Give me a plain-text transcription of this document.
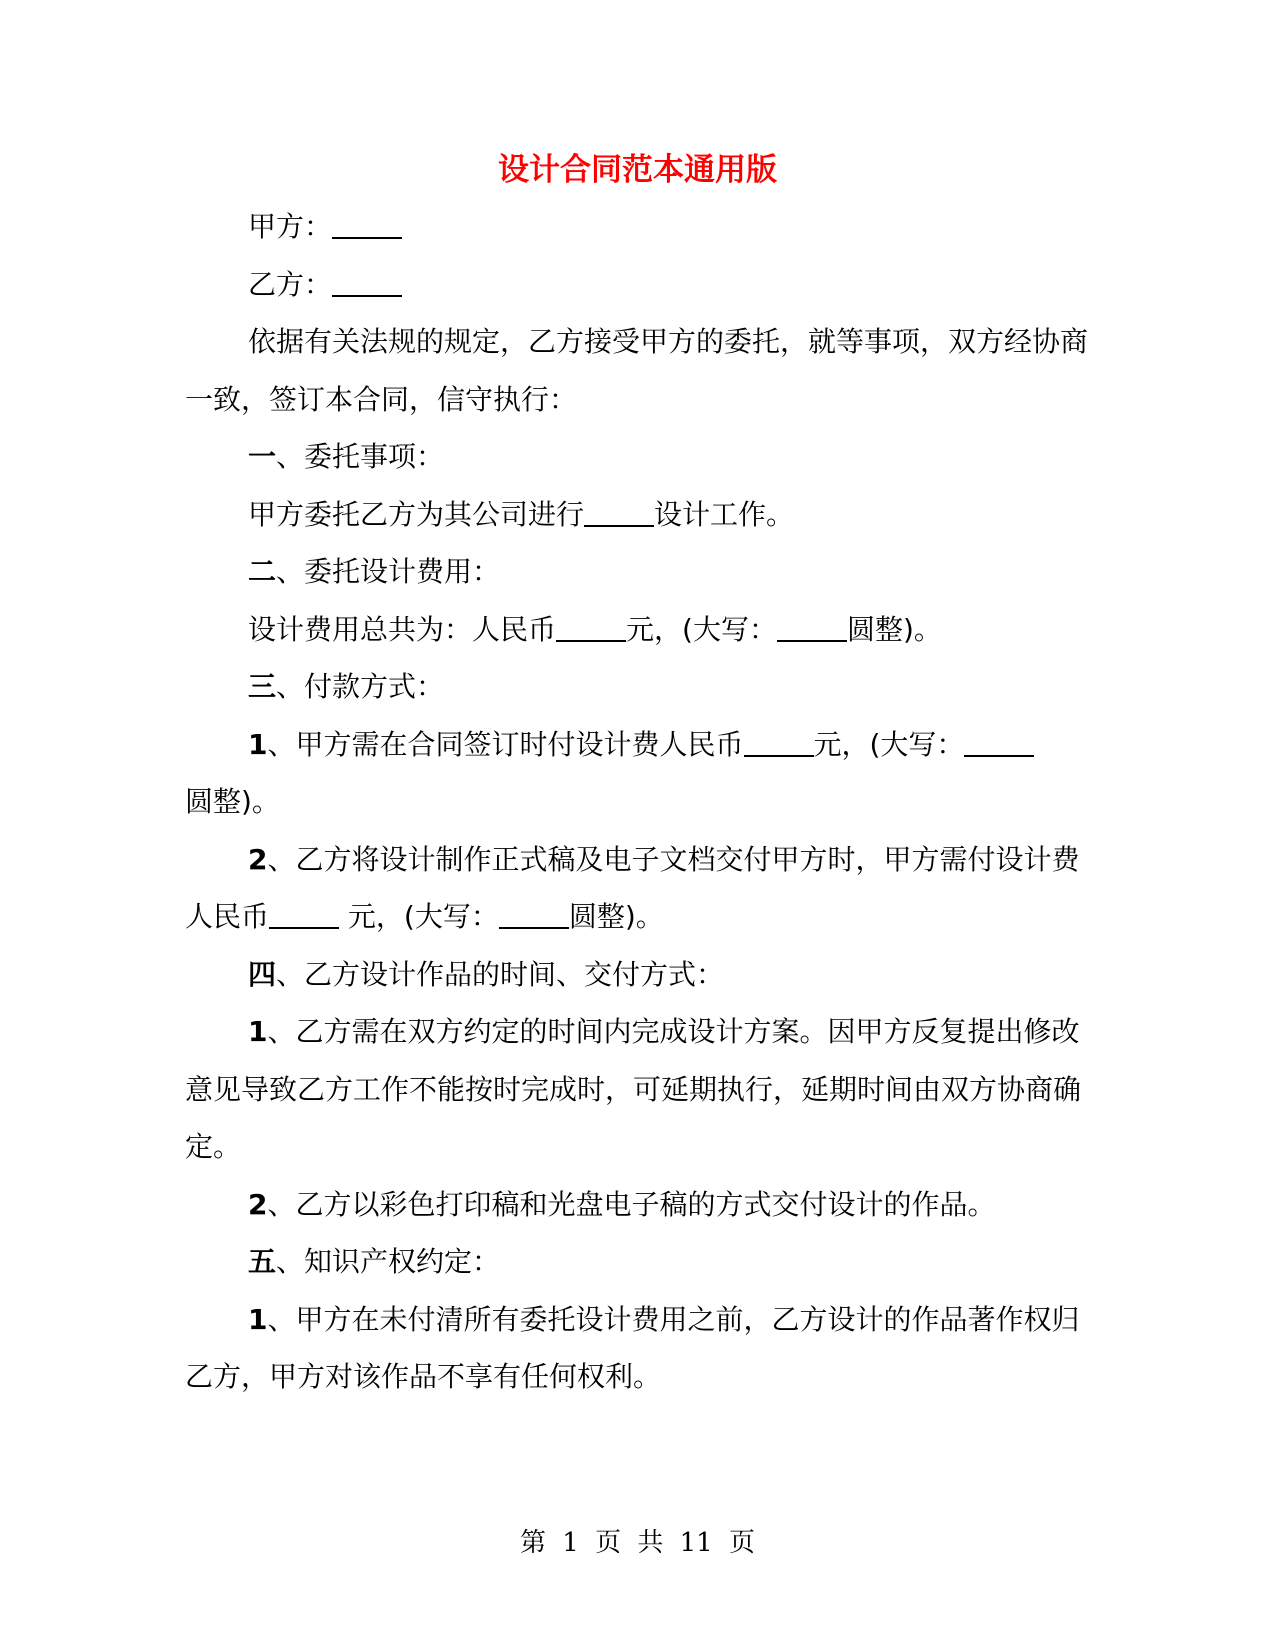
设计合同范本通用版

甲方：

乙方：

依据有关法规的规定，乙方接受甲方的委托，就等事项，双方经协商一致，签订本合同，信守执行：

一、委托事项：

甲方委托乙方为其公司进行	设计工作。

二、委托设计费用：

设计费用总共为：人民币	元，(大写：	圆整)。

三、付款方式：

1、甲方需在合同签订时付设计费人民币	元，(大写：
圆整)。

2、乙方将设计制作正式稿及电子文档交付甲方时，甲方需付设计费人民币	元，(大写：	圆整)。

四、乙方设计作品的时间、交付方式：

1、乙方需在双方约定的时间内完成设计方案。因甲方反复提出修改意见导致乙方工作不能按时完成时，可延期执行，延期时间由双方协商确定。

2、乙方以彩色打印稿和光盘电子稿的方式交付设计的作品。

五、知识产权约定：

1、甲方在未付清所有委托设计费用之前，乙方设计的作品著作权归乙方，甲方对该作品不享有任何权利。

第 1 页 共 11 页
